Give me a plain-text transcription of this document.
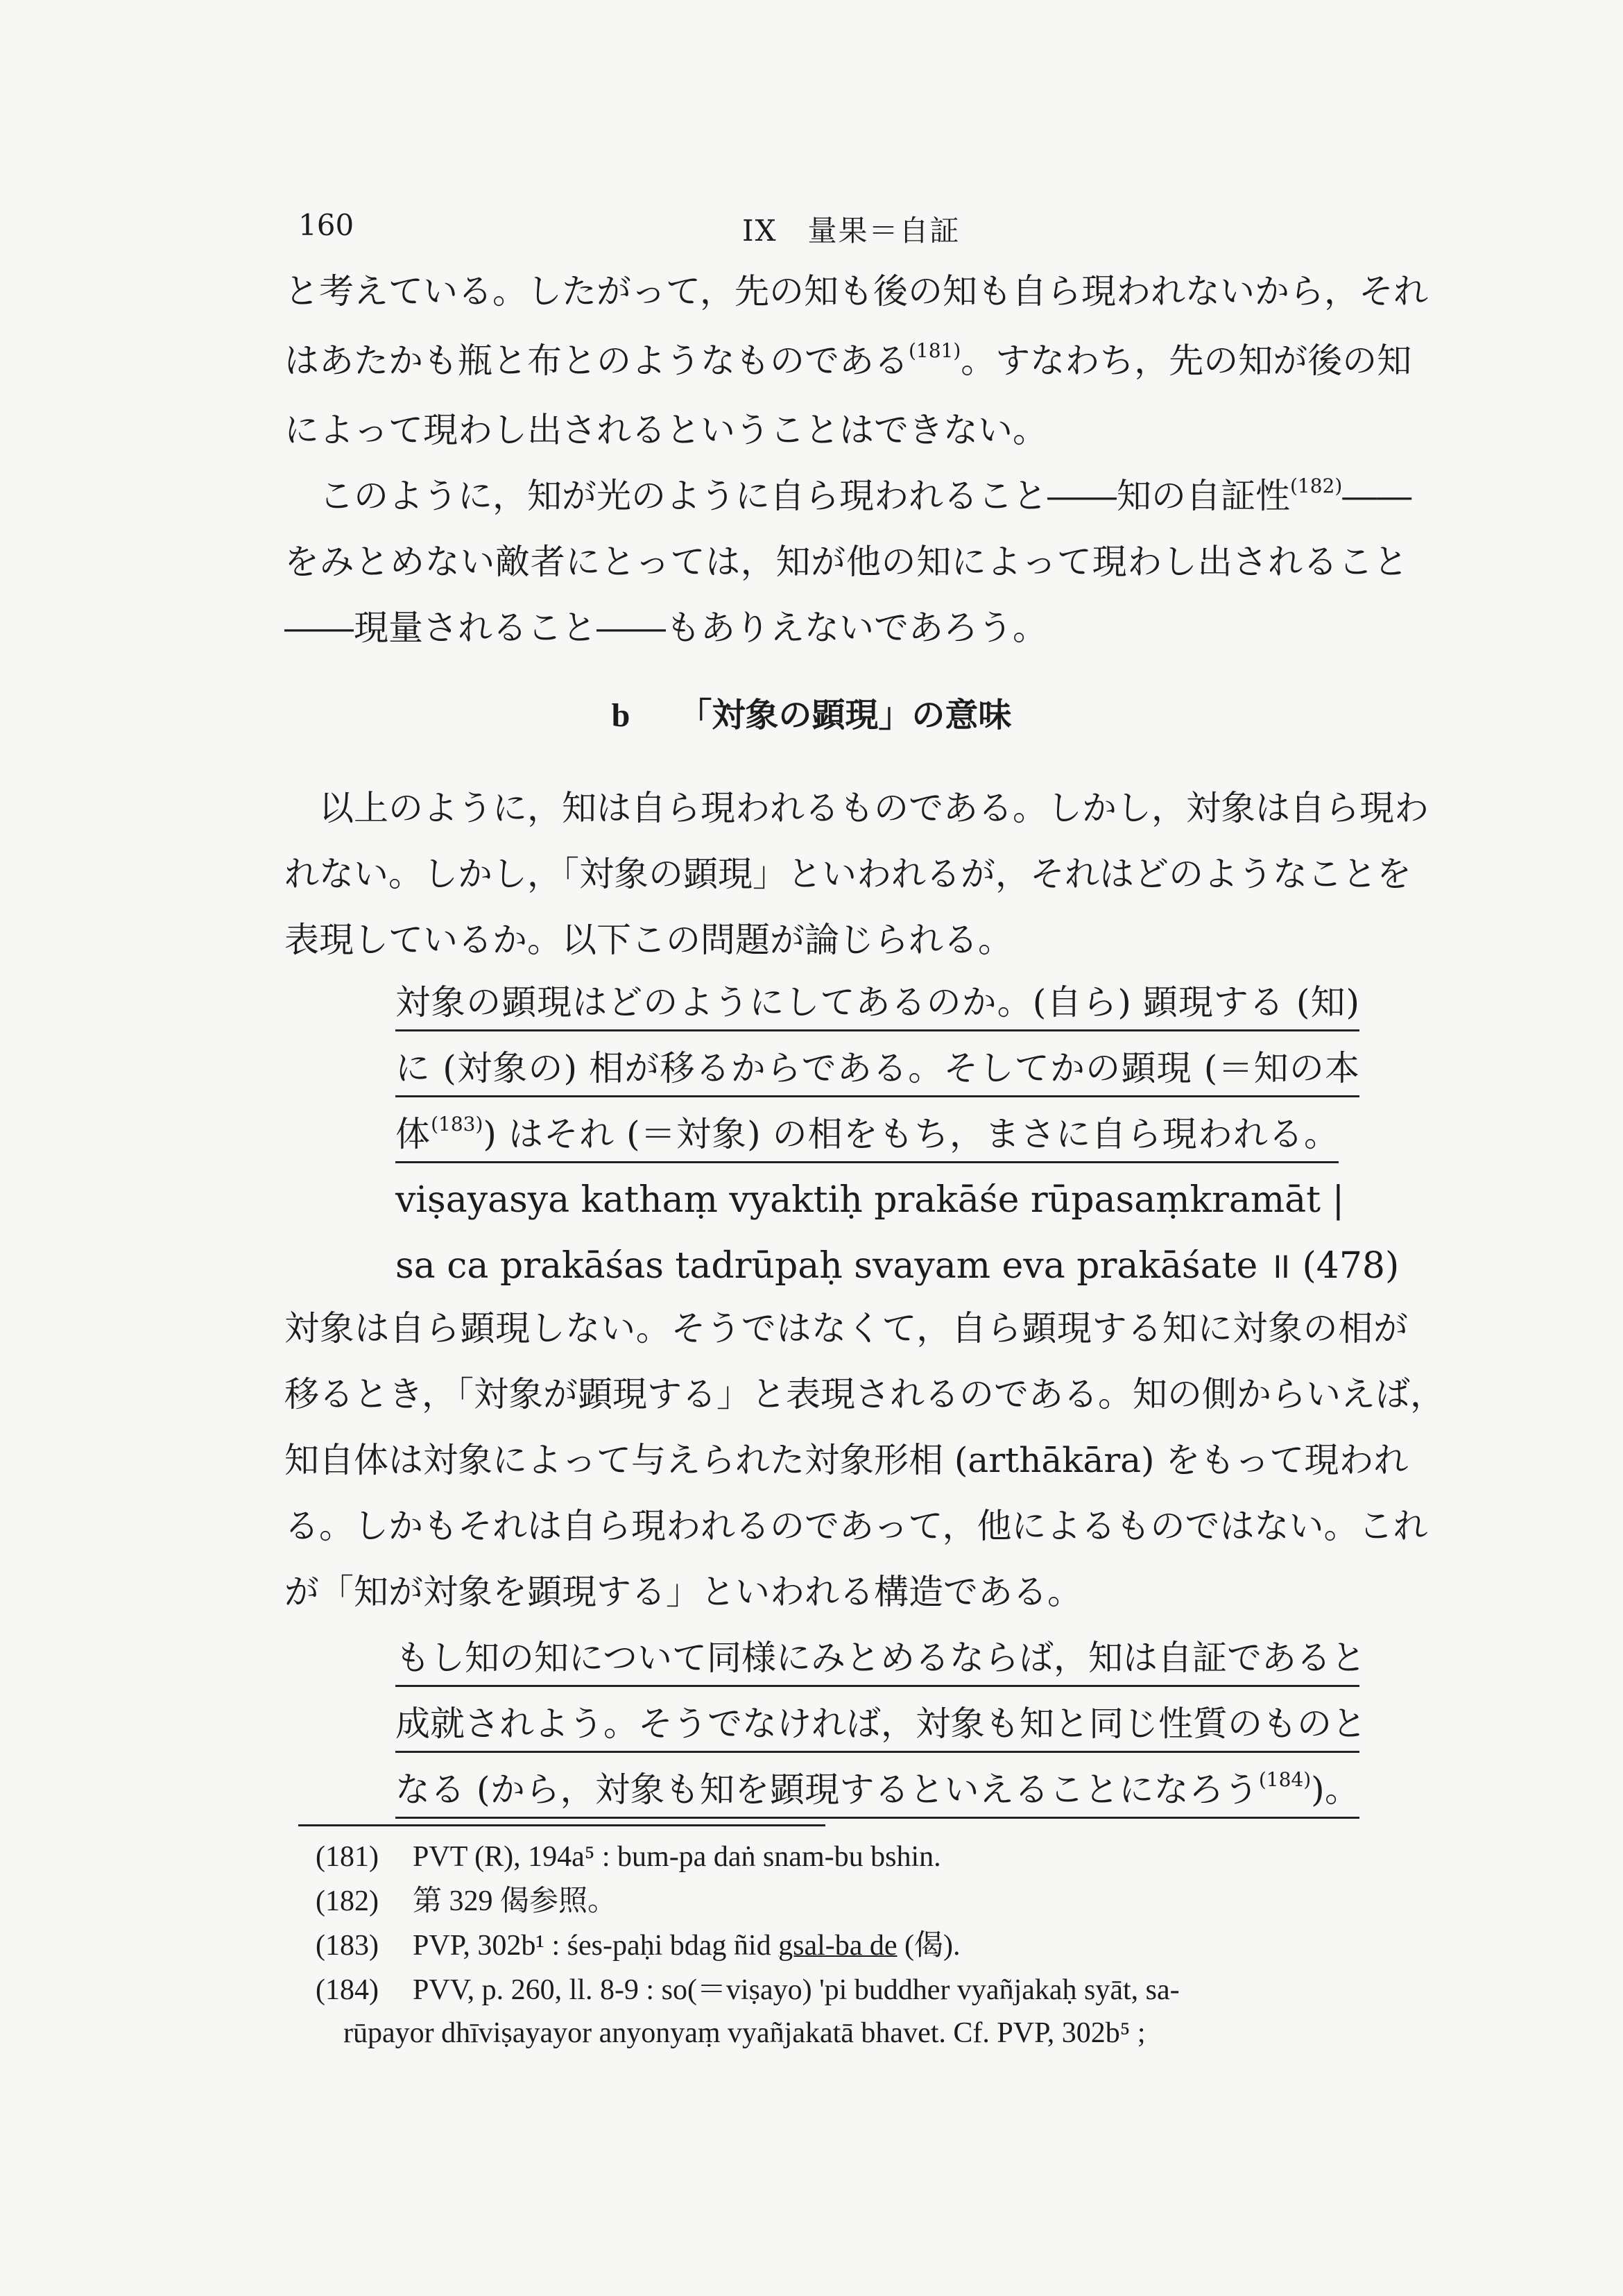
160	IX　量果＝自証
と考えている。したがって，先の知も後の知も自ら現われないから，それ
はあたかも瓶と布とのようなものである$^{(181)}$。すなわち，先の知が後の知
によって現わし出されるということはできない。
　このように，知が光のように自ら現われること――知の自証性$^{(182)}$――
をみとめない敵者にとっては，知が他の知によって現わし出されること
――現量されること――もありえないであろう。
b 「対象の顕現」の意味
　以上のように，知は自ら現われるものである。しかし，対象は自ら現わ
れない。しかし，「対象の顕現」といわれるが，それはどのようなことを
表現しているか。以下この問題が論じられる。
対象の顕現はどのようにしてあるのか。(自ら) 顕現する (知)
に (対象の) 相が移るからである。そしてかの顕現 (＝知の本
体$^{(183)}$) はそれ (＝対象) の相をもち，まさに自ら現われる。
viṣayasya kathaṃ vyaktiḥ prakāśe rūpasaṃkramāt |
sa ca prakāśas tadrūpaḥ svayam eva prakāśate ॥ (478)
対象は自ら顕現しない。そうではなくて，自ら顕現する知に対象の相が
移るとき，「対象が顕現する」と表現されるのである。知の側からいえば，
知自体は対象によって与えられた対象形相 (arthākāra) をもって現われ
る。しかもそれは自ら現われるのであって，他によるものではない。これ
が「知が対象を顕現する」といわれる構造である。
もし知の知について同様にみとめるならば，知は自証であると
成就されよう。そうでなければ，対象も知と同じ性質のものと
なる (から，対象も知を顕現するといえることになろう$^{(184)}$)。
(181) PVT (R), 194a⁵ : bum-pa daṅ snam-bu bshin.
(182) 第 329 偈参照。
(183) PVP, 302b¹ : śes-paḥi bdag ñid gsal-ba de (偈).
(184) PVV, p. 260, ll. 8-9 : so(＝viṣayo) 'pi buddher vyañjakaḥ syāt, sa-
rūpayor dhīviṣayayor anyonyaṃ vyañjakatā bhavet. Cf. PVP, 302b⁵ ;
